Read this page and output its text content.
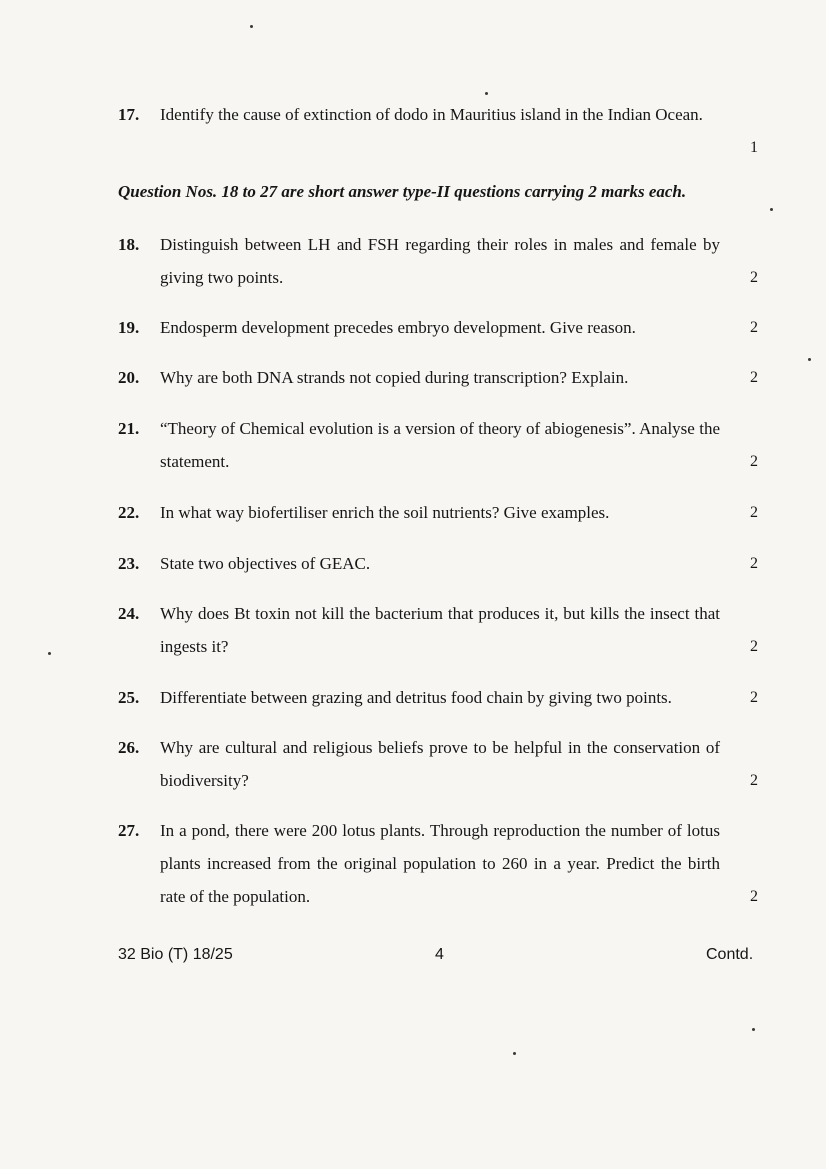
17.	Identify the cause of extinction of dodo in Mauritius island in the Indian Ocean.
1
Question Nos. 18 to 27 are short answer type-II questions carrying 2 marks each.
18.	Distinguish between LH and FSH regarding their roles in males and female by giving two points.	2
19.	Endosperm development precedes embryo development. Give reason.	2
20.	Why are both DNA strands not copied during transcription? Explain.	2
21.	“Theory of Chemical evolution is a version of theory of abiogenesis”. Analyse the statement.	2
22.	In what way biofertiliser enrich the soil nutrients? Give examples.	2
23.	State two objectives of GEAC.	2
24.	Why does Bt toxin not kill the bacterium that produces it, but kills the insect that ingests it?	2
25.	Differentiate between grazing and detritus food chain by giving two points.	2
26.	Why are cultural and religious beliefs prove to be helpful in the conservation of biodiversity?	2
27.	In a pond, there were 200 lotus plants. Through reproduction the number of lotus plants increased from the original population to 260 in a year. Predict the birth rate of the population.	2
32 Bio (T) 18/25	4	Contd.
